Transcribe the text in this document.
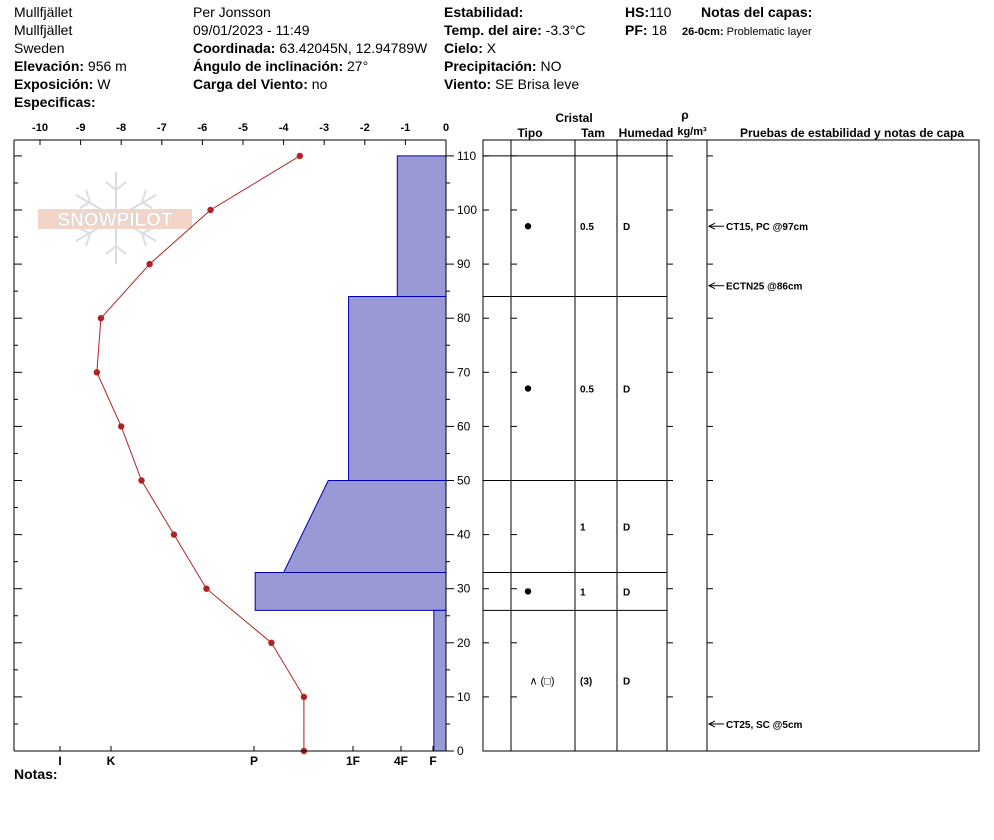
Mullfjället
Mullfjället
Sweden
Elevación: 956 m
Exposición: W
Especificas:
Per Jonsson
09/01/2023 - 11:49
Coordinada: 63.42045N, 12.94789W
Ángulo de inclinación: 27°
Carga del Viento: no
Estabilidad:
Temp. del aire: -3.3°C
Cielo: X
Precipitación: NO
Viento: SE Brisa leve
HS:110
PF: 18
Notas del capas:
26-0cm: Problematic layer
Notas:
SNOWPILOT
-10	-9	-8	-7	-6	-5	-4	-3	-2	-1	0
I	K	P	1F	4F F
0
10
20
30
40
50
60
70
80
90
100
110
0.5	D
0.5	D
1	D
1	D
∧ (□)	(3)	D
CT15, PC @97cm
ECTN25 @86cm
CT25, SC @5cm
Cristal
Tipo	Tam Humedad
ρ
kg/m³	Pruebas de estabilidad y notas de capa
